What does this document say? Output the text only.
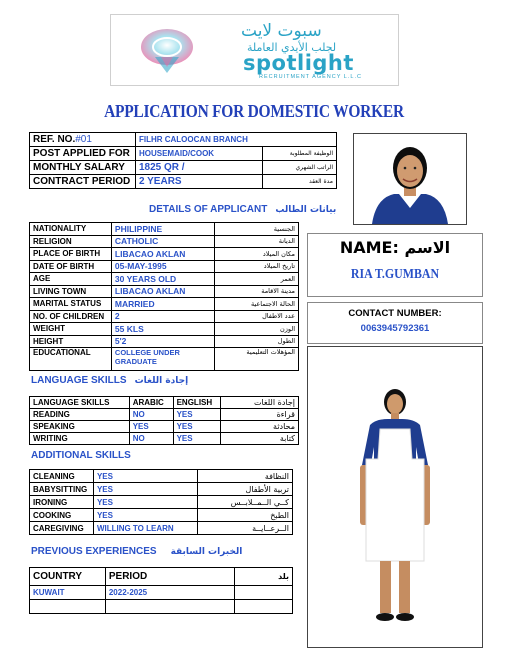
سبوت لايت
لجلب الأيدي العاملة
spotlight
RECRUITMENT AGENCY L.L.C
APPLICATION FOR DOMESTIC WORKER
REF. NO.#01	FILHR CALOOCAN BRANCH	
POST APPLIED FOR	HOUSEMAID/COOK	الوظيفة المطلوبة
MONTHLY SALARY	1825 QR /	الراتب الشهري
CONTRACT PERIOD	2 YEARS	مدة العقد
DETAILS OF APPLICANT بيانات الطالب
NATIONALITY	PHILIPPINE	الجنسية
RELIGION	CATHOLIC	الديانة
PLACE OF BIRTH	LIBACAO AKLAN	مكان الميلاد
DATE OF BIRTH	05-MAY-1995	تاريخ الميلاد
AGE	30 YEARS OLD	العمر
LIVING TOWN	LIBACAO AKLAN	مدينة الاقامة
MARITAL STATUS	MARRIED	الحالة الاجتماعية
NO. OF CHILDREN	2	عدد الاطفال
WEIGHT	55 KLS	الوزن
HEIGHT	5'2	الطول
EDUCATIONAL	COLLEGE UNDER GRADUATE	المؤهلات التعليمية
NAME: الاسم
RIA T.GUMBAN
CONTACT NUMBER:
0063945792361
LANGUAGE SKILLS إجادة اللغات
LANGUAGE SKILLS	ARABIC	ENGLISH	إجادة اللغات
READING	NO	YES	قراءة
SPEAKING	YES	YES	محادثة
WRITING	NO	YES	كتابة
ADDITIONAL SKILLS
CLEANING	YES	النظافة
BABYSITTING	YES	تربية الأطفال
IRONING	YES	كــي الــمــلابــس
COOKING	YES	الطبخ
CAREGIVING	WILLING TO LEARN	الــرعــايــة
PREVIOUS EXPERIENCES الخبرات السابقة
COUNTRY	PERIOD	بلد
KUWAIT	2022-2025	
